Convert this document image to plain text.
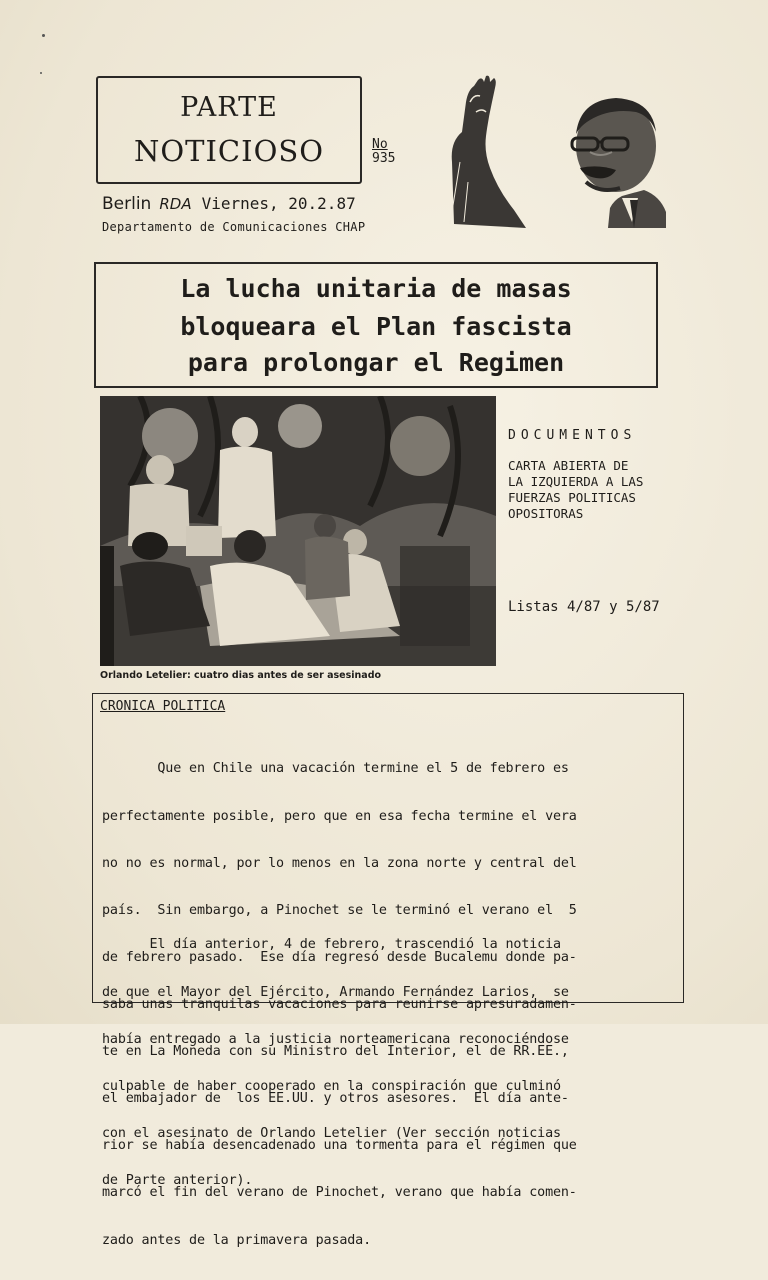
PARTE
NOTICIOSO	No
935
Berlin RDA Viernes, 20.2.87
Departamento de Comunicaciones CHAP
La lucha unitaria de masas
bloqueara el Plan fascista
para prolongar el Regimen
Orlando Letelier: cuatro dias antes de ser asesinado
DOCUMENTOS
CARTA ABIERTA DE
LA IZQUIERDA A LAS
FUERZAS POLITICAS
OPOSITORAS
Listas 4/87 y 5/87
CRONICA POLITICA

Que en Chile una vacación termine el 5 de febrero es

perfectamente posible, pero que en esa fecha termine el vera

no no es normal, por lo menos en la zona norte y central del

país.  Sin embargo, a Pinochet se le terminó el verano el  5

de febrero pasado.  Ese día regresó desde Bucalemu donde pa-

saba unas tranquilas vacaciones para reunirse apresuradamen-

te en La Moneda con su Ministro del Interior, el de RR.EE.,

el embajador de  los EE.UU. y otros asesores.  El día ante-

rior se había desencadenado una tormenta para el régimen que

marcó el fin del verano de Pinochet, verano que había comen-

zado antes de la primavera pasada.

El día anterior, 4 de febrero, trascendió la noticia

de que el Mayor del Ejército, Armando Fernández Larios,  se

había entregado a la justicia norteamericana reconociéndose

culpable de haber cooperado en la conspiración que culminó

con el asesinato de Orlando Letelier (Ver sección noticias

de Parte anterior).
